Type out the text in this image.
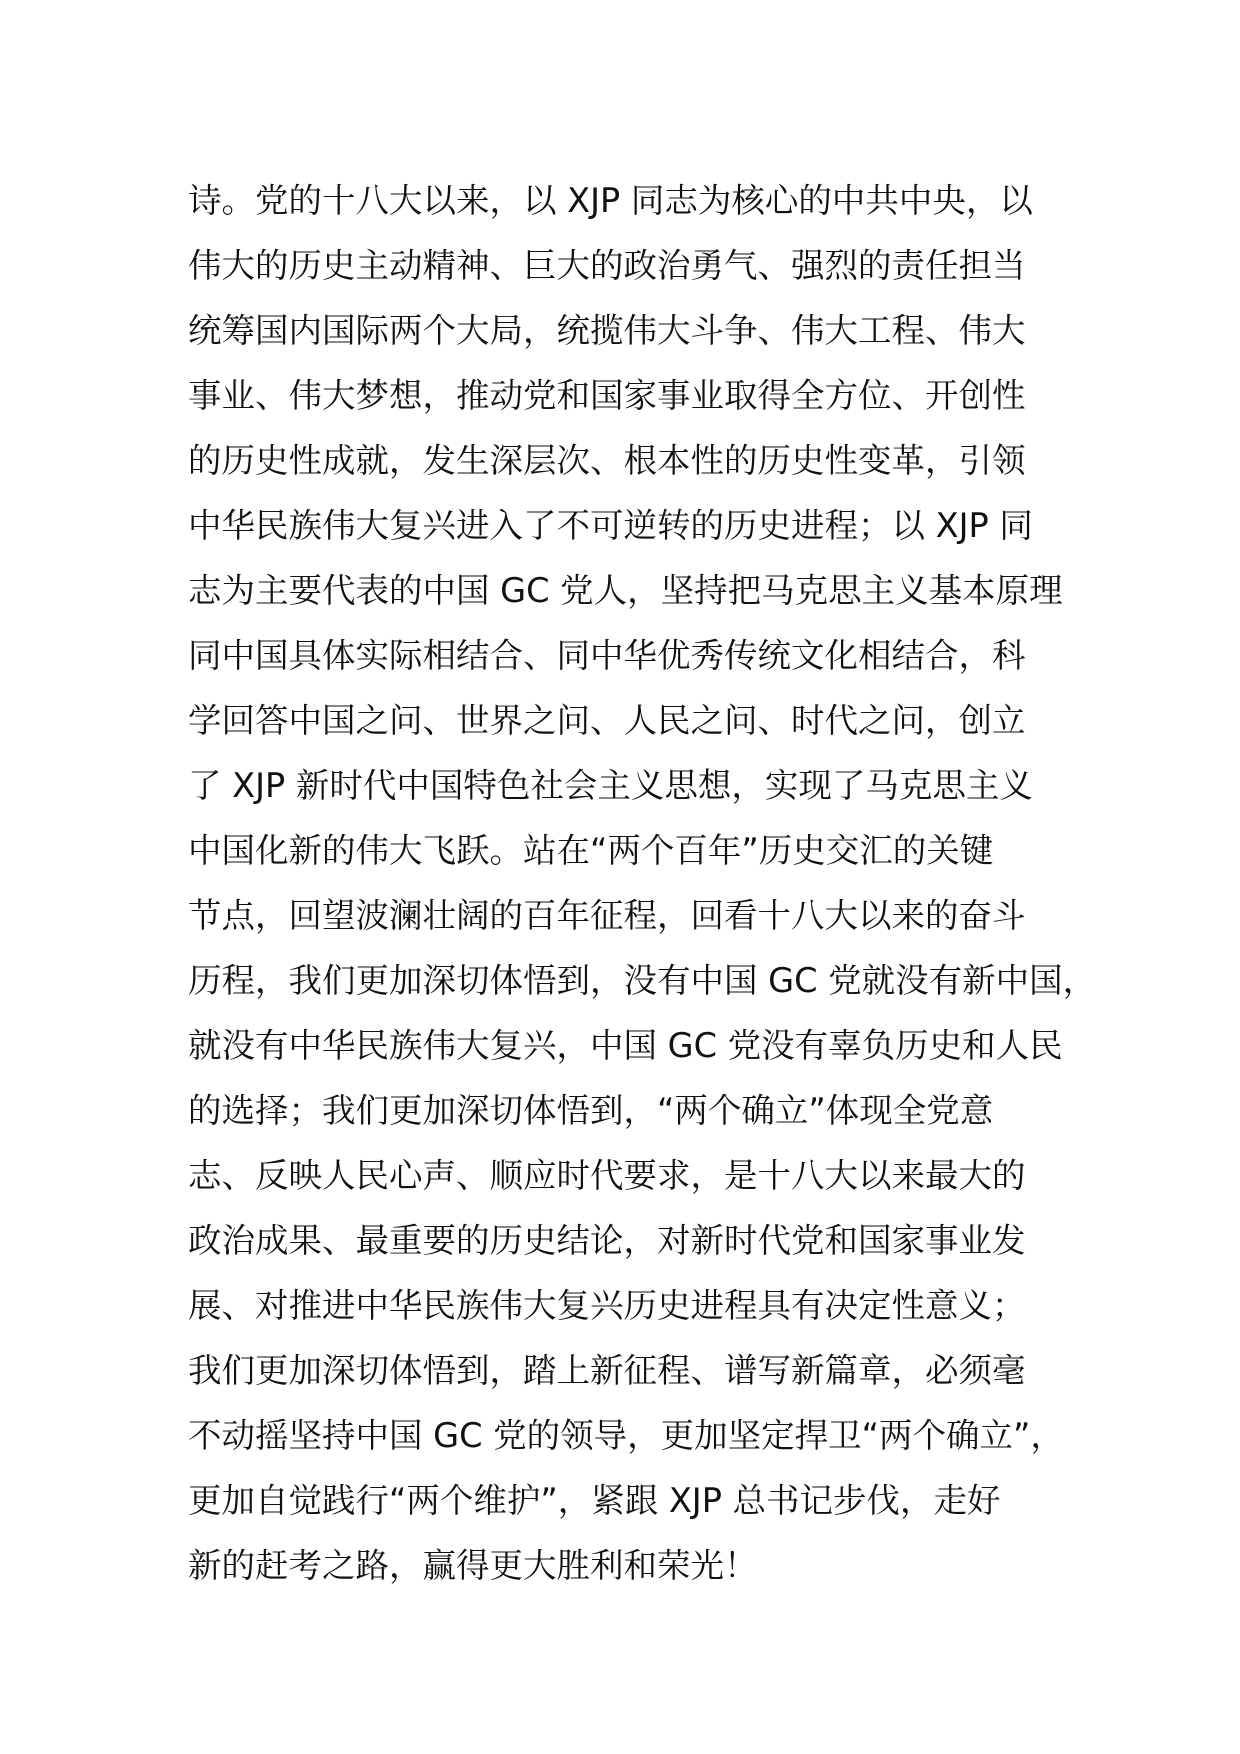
诗。党的十八大以来，以 XJP 同志为核心的中共中央，以
伟大的历史主动精神、巨大的政治勇气、强烈的责任担当
统筹国内国际两个大局，统揽伟大斗争、伟大工程、伟大
事业、伟大梦想，推动党和国家事业取得全方位、开创性
的历史性成就，发生深层次、根本性的历史性变革，引领
中华民族伟大复兴进入了不可逆转的历史进程；以 XJP 同
志为主要代表的中国 GC 党人，坚持把马克思主义基本原理
同中国具体实际相结合、同中华优秀传统文化相结合，科
学回答中国之问、世界之问、人民之问、时代之问，创立
了 XJP 新时代中国特色社会主义思想，实现了马克思主义
中国化新的伟大飞跃。站在“两个百年”历史交汇的关键
节点，回望波澜壮阔的百年征程，回看十八大以来的奋斗
历程，我们更加深切体悟到，没有中国 GC 党就没有新中国，
就没有中华民族伟大复兴，中国 GC 党没有辜负历史和人民
的选择；我们更加深切体悟到，“两个确立”体现全党意
志、反映人民心声、顺应时代要求，是十八大以来最大的
政治成果、最重要的历史结论，对新时代党和国家事业发
展、对推进中华民族伟大复兴历史进程具有决定性意义；
我们更加深切体悟到，踏上新征程、谱写新篇章，必须毫
不动摇坚持中国 GC 党的领导，更加坚定捍卫“两个确立”，
更加自觉践行“两个维护”，紧跟 XJP 总书记步伐，走好
新的赶考之路，赢得更大胜利和荣光！
